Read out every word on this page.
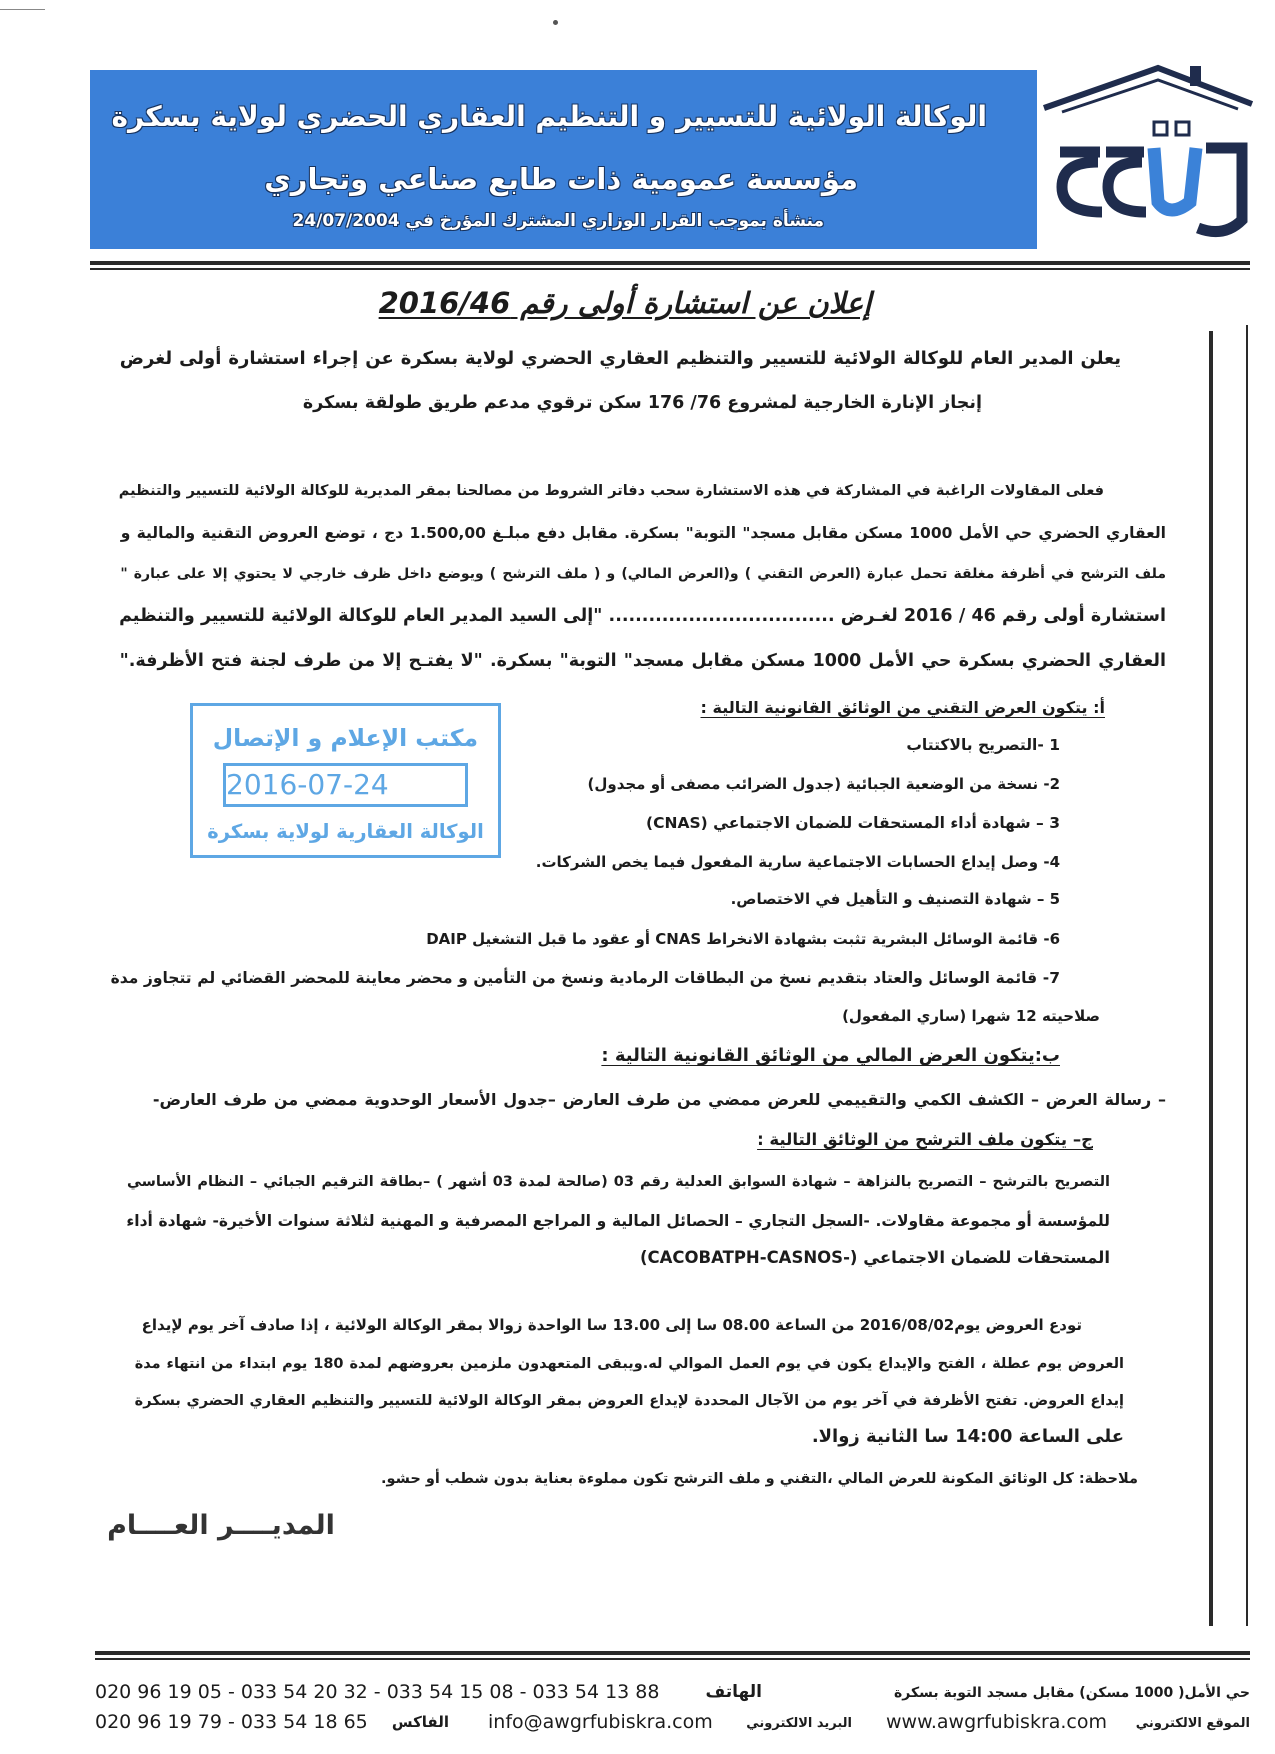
الوكالة الولائية للتسيير و التنظيم العقاري الحضري لولاية بسكرة
مؤسسة عمومية ذات طابع صناعي وتجاري
منشأة بموجب القرار الوزاري المشترك المؤرخ في 24/07/2004
إعلان عن استشارة أولى رقم 2016/46
يعلن المدير العام للوكالة الولائية للتسيير والتنظيم العقاري الحضري لولاية بسكرة عن إجراء استشارة أولى لغرض
إنجاز الإنارة الخارجية لمشروع 76/ 176 سكن ترقوي مدعم طريق طولقة بسكرة
فعلى المقاولات الراغبة في المشاركة في هذه الاستشارة سحب دفاتر الشروط من مصالحنا بمقر المديرية للوكالة الولائية للتسيير والتنظيم
العقاري الحضري حي الأمل 1000 مسكن مقابل مسجد" التوبة" بسكرة. مقابل دفع مبلـغ 1.500,00 دج ، توضع العروض التقنية والمالية و
ملف الترشح في أظرفة مغلقة تحمل عبارة (العرض التقني ) و(العرض المالي) و ( ملف الترشح ) ويوضع داخل ظرف خارجي لا يحتوي إلا على عبارة "
استشارة أولى رقم 46 / 2016 لغـرض .................................. "إلى السيد المدير العام للوكالة الولائية للتسيير والتنظيم
العقاري الحضري بسكرة حي الأمل 1000 مسكن مقابل مسجد" التوبة" بسكرة. "لا يفتـح إلا من طرف لجنة فتح الأظرفة."
أ: يتكون العرض التقني من الوثائق القانونية التالية :
1 -التصريح بالاكتتاب
2- نسخة من الوضعية الجبائية (جدول الضرائب مصفى أو مجدول)
3 – شهادة أداء المستحقات للضمان الاجتماعي (CNAS)
4- وصل إيداع الحسابات الاجتماعية سارية المفعول فيما يخص الشركات.
5 – شهادة التصنيف و التأهيل في الاختصاص.
6- قائمة الوسائل البشرية تثبت بشهادة الانخراط CNAS أو عقود ما قبل التشغيل DAIP
7- قائمة الوسائل والعتاد بتقديم نسخ من البطاقات الرمادية ونسخ من التأمين و محضر معاينة للمحضر القضائي لم تتجاوز مدة
صلاحيته 12 شهرا (ساري المفعول)
مكتب الإعلام و الإتصال
2016-07-24
الوكالة العقارية لولاية بسكرة
ب:يتكون العرض المالي من الوثائق القانونية التالية :
– رسالة العرض – الكشف الكمي والتقييمي للعرض ممضي من طرف العارض –جدول الأسعار الوحدوية ممضي من طرف العارض-
ج– يتكون ملف الترشح من الوثائق التالية :
التصريح بالترشح – التصريح بالنزاهة – شهادة السوابق العدلية رقم 03 (صالحة لمدة 03 أشهر ) –بطاقة الترقيم الجبائي – النظام الأساسي
للمؤسسة أو مجموعة مقاولات. -السجل التجاري – الحصائل المالية و المراجع المصرفية و المهنية لثلاثة سنوات الأخيرة- شهادة أداء
المستحقات للضمان الاجتماعي (-CACOBATPH-CASNOS)
تودع العروض يوم2016/08/02 من الساعة 08.00 سا إلى 13.00 سا الواحدة زوالا بمقر الوكالة الولائية ، إذا صادف آخر يوم لإيداع
العروض يوم عطلة ، الفتح والإيداع يكون في يوم العمل الموالي له.ويبقى المتعهدون ملزمين بعروضهم لمدة 180 يوم ابتداء من انتهاء مدة
إيداع العروض. تفتح الأظرفة في آخر يوم من الآجال المحددة لإيداع العروض بمقر الوكالة الولائية للتسيير والتنظيم العقاري الحضري بسكرة
على الساعة 14:00 سا الثانية زوالا.
ملاحظة: كل الوثائق المكونة للعرض المالي ،التقني و ملف الترشح تكون مملوءة بعناية بدون شطب أو حشو.
المديــــر العــــام
حي الأمل( 1000 مسكن) مقابل مسجد التوبة بسكرة
الهاتف
020 96 19 05 - 033 54 20 32 - 033 54 15 08 - 033 54 13 88
الموقع الالكتروني
www.awgrfubiskra.com
البريد الالكتروني
info@awgrfubiskra.com
الفاكس
020 96 19 79 - 033 54 18 65
